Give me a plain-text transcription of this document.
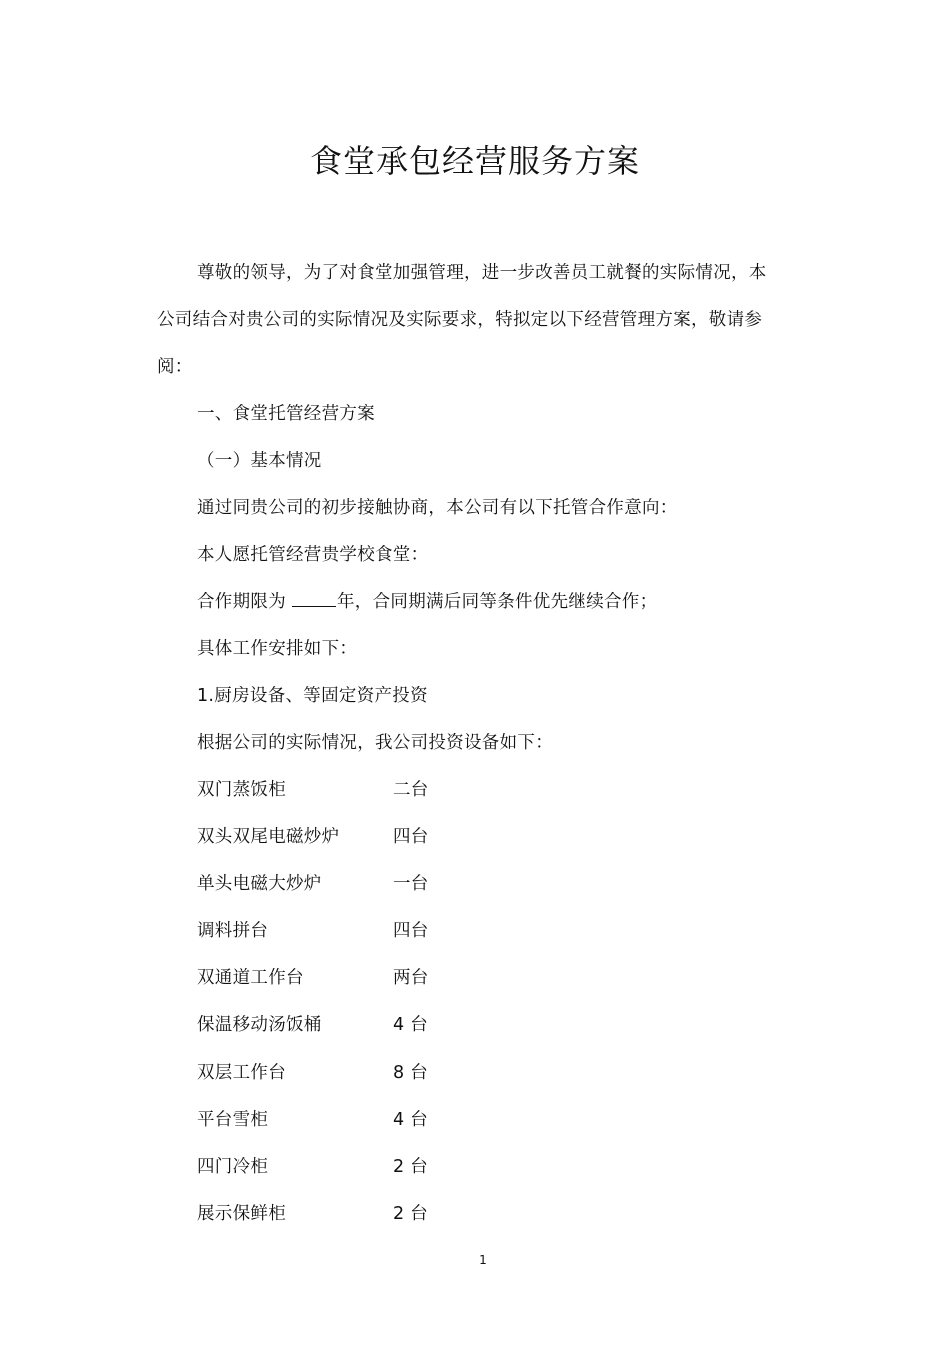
食堂承包经营服务方案

尊敬的领导，为了对食堂加强管理，进一步改善员工就餐的实际情况，本公司结合对贵公司的实际情况及实际要求，特拟定以下经营管理方案，敬请参阅：

一、食堂托管经营方案

（一）基本情况

通过同贵公司的初步接触协商，本公司有以下托管合作意向：

本人愿托管经营贵学校食堂：

合作期限为	年，合同期满后同等条件优先继续合作；

具体工作安排如下：

1.厨房设备、等固定资产投资

根据公司的实际情况，我公司投资设备如下：

双门蒸饭柜	二台
双头双尾电磁炒炉	四台
单头电磁大炒炉	一台
调料拼台	四台
双通道工作台	两台
保温移动汤饭桶	4 台
双层工作台	8 台
平台雪柜	4 台
四门冷柜	2 台
展示保鲜柜	2 台
1
